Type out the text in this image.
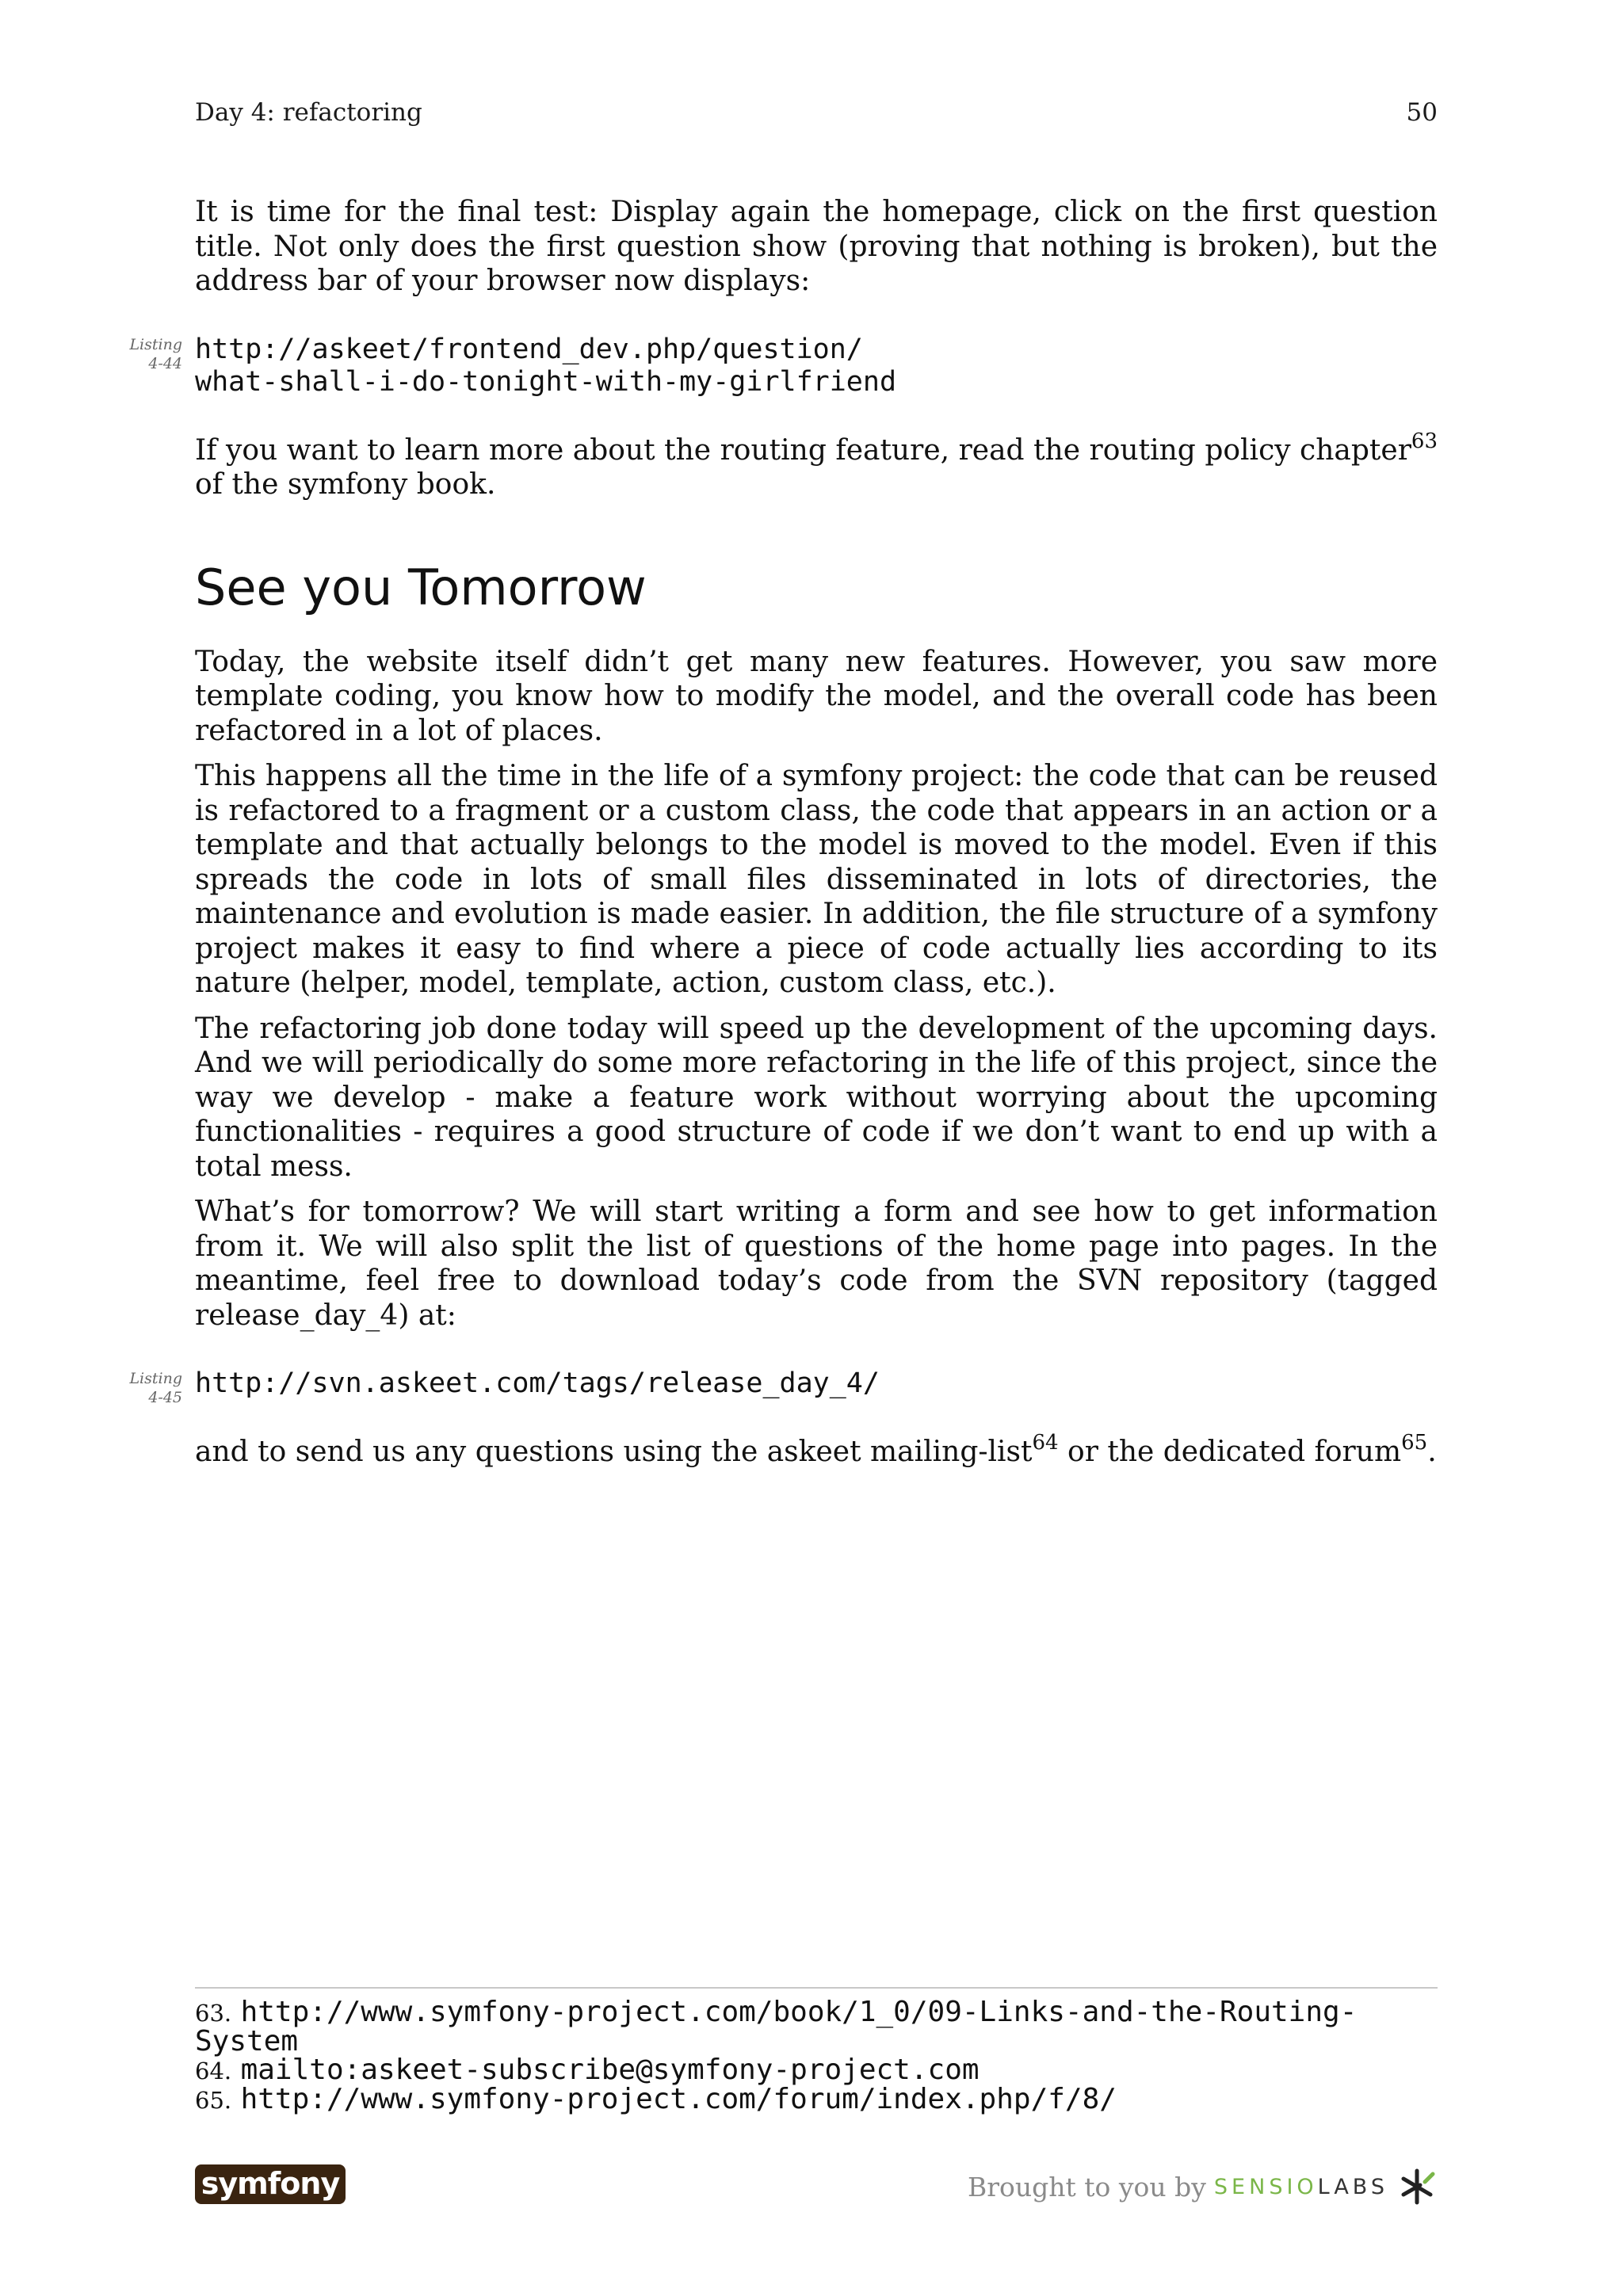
Day 4: refactoring	50

It is time for the final test: Display again the homepage, click on the first question title. Not only does the first question show (proving that nothing is broken), but the address bar of your browser now displays:

Listing
4-44 http://askeet/frontend_dev.php/question/
what-shall-i-do-tonight-with-my-girlfriend

If you want to learn more about the routing feature, read the routing policy chapter$^{63}$ of the symfony book.

See you Tomorrow

Today, the website itself didn’t get many new features. However, you saw more template coding, you know how to modify the model, and the overall code has been refactored in a lot of places.

This happens all the time in the life of a symfony project: the code that can be reused is refactored to a fragment or a custom class, the code that appears in an action or a template and that actually belongs to the model is moved to the model. Even if this spreads the code in lots of small files disseminated in lots of directories, the maintenance and evolution is made easier. In addition, the file structure of a symfony project makes it easy to find where a piece of code actually lies according to its nature (helper, model, template, action, custom class, etc.).

The refactoring job done today will speed up the development of the upcoming days. And we will periodically do some more refactoring in the life of this project, since the way we develop - make a feature work without worrying about the upcoming functionalities - requires a good structure of code if we don’t want to end up with a total mess.

What’s for tomorrow? We will start writing a form and see how to get information from it. We will also split the list of questions of the home page into pages. In the meantime, feel free to download today’s code from the SVN repository (tagged release_day_4) at:

Listing
4-45 http://svn.askeet.com/tags/release_day_4/

and to send us any questions using the askeet mailing-list$^{64}$ or the dedicated forum$^{65}$.

63. http://www.symfony-project.com/book/1_0/09-Links-and-the-Routing-
System
64. mailto:askeet-subscribe@symfony-project.com
65. http://www.symfony-project.com/forum/index.php/f/8/
symfony	Brought to you by SENSIOLABS
